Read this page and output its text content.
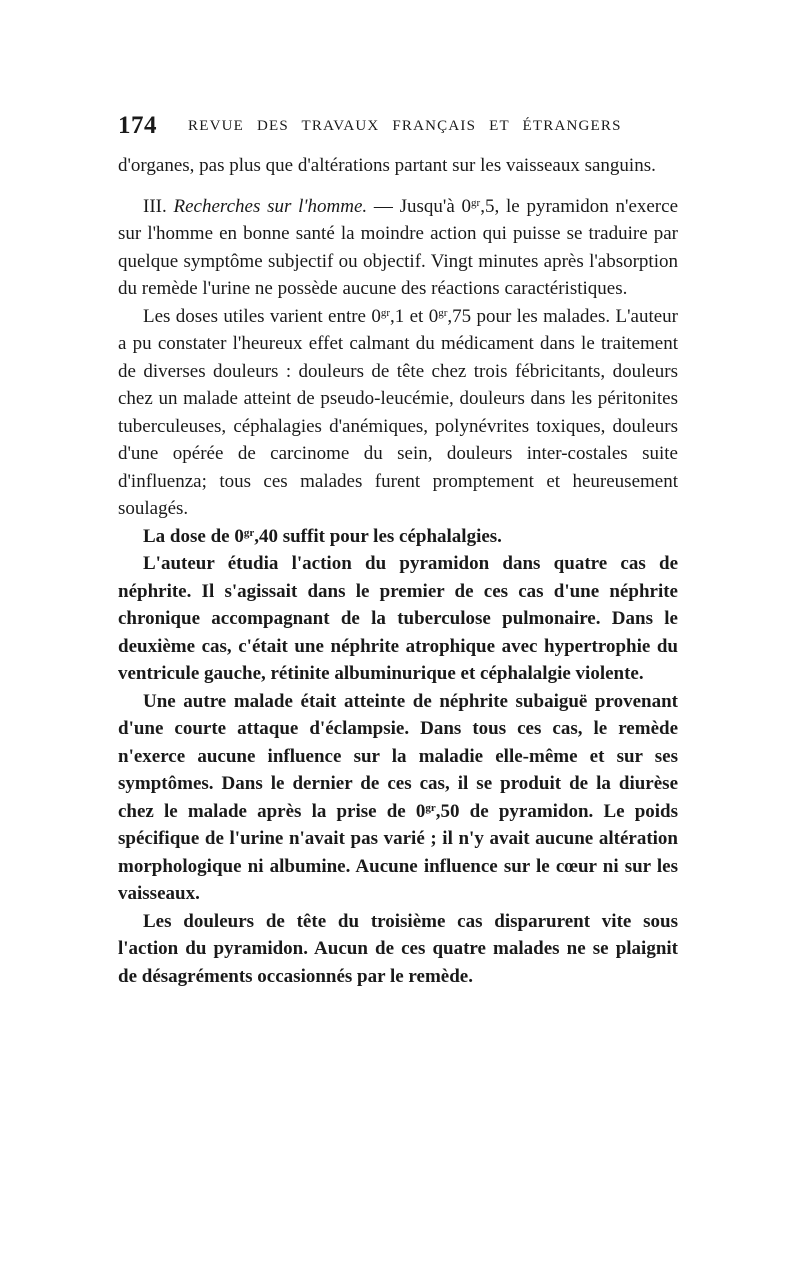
174 REVUE DES TRAVAUX FRANÇAIS ET ÉTRANGERS

d'organes, pas plus que d'altérations partant sur les vaisseaux sanguins.

III. Recherches sur l'homme. — Jusqu'à $0^{gr},5$, le pyramidon n'exerce sur l'homme en bonne santé la moindre action qui puisse se traduire par quelque symptôme subjectif ou objectif. Vingt minutes après l'absorption du remède l'urine ne possède aucune des réactions caractéristiques.

Les doses utiles varient entre $0^{gr},1$ et $0^{gr},75$ pour les malades. L'auteur a pu constater l'heureux effet calmant du médicament dans le traitement de diverses douleurs : douleurs de tête chez trois fébricitants, douleurs chez un malade atteint de pseudo-leucémie, douleurs dans les péritonites tuberculeuses, céphalagies d'anémiques, polynévrites toxiques, douleurs d'une opérée de carcinome du sein, douleurs inter-costales suite d'influenza; tous ces malades furent promptement et heureusement soulagés.

La dose de $0^{gr},40$ suffit pour les céphalalgies.

L'auteur étudia l'action du pyramidon dans quatre cas de néphrite. Il s'agissait dans le premier de ces cas d'une néphrite chronique accompagnant de la tuberculose pulmonaire. Dans le deuxième cas, c'était une néphrite atrophique avec hypertrophie du ventricule gauche, rétinite albuminurique et céphalalgie violente.

Une autre malade était atteinte de néphrite subaiguë provenant d'une courte attaque d'éclampsie. Dans tous ces cas, le remède n'exerce aucune influence sur la maladie elle-même et sur ses symptômes. Dans le dernier de ces cas, il se produit de la diurèse chez le malade après la prise de $0^{gr},50$ de pyramidon. Le poids spécifique de l'urine n'avait pas varié ; il n'y avait aucune altération morphologique ni albumine. Aucune influence sur le cœur ni sur les vaisseaux.

Les douleurs de tête du troisième cas disparurent vite sous l'action du pyramidon. Aucun de ces quatre malades ne se plaignit de désagréments occasionnés par le remède.
